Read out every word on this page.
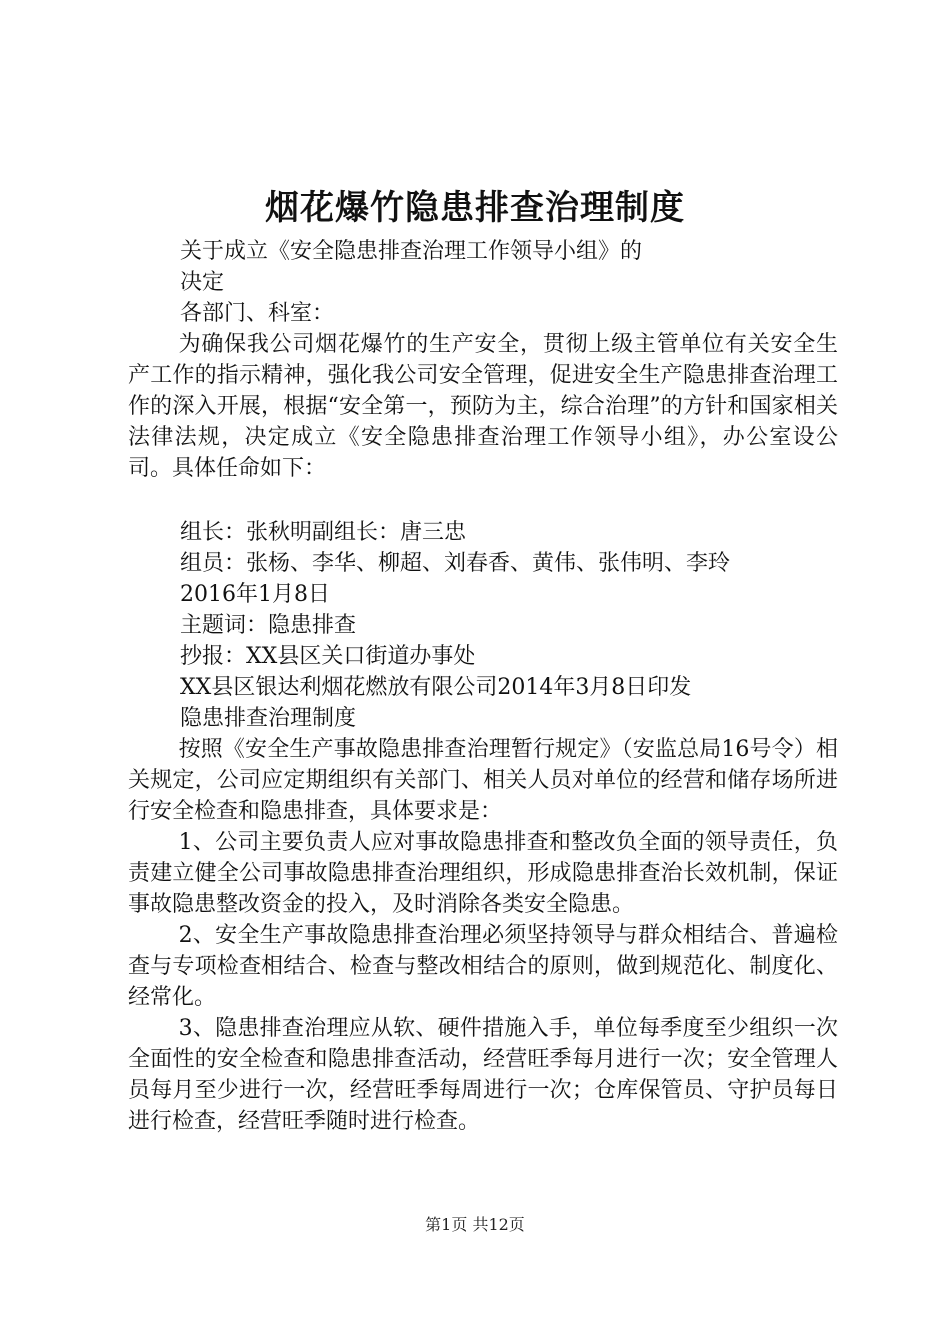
烟花爆竹隐患排查治理制度
关于成立《安全隐患排查治理工作领导小组》的
决定
各部门、科室：

为确保我公司烟花爆竹的生产安全，贯彻上级主管单位有关安全生产工作的指示精神，强化我公司安全管理，促进安全生产隐患排查治理工作的深入开展，根据“安全第一，预防为主，综合治理”的方针和国家相关法律法规，决定成立《安全隐患排查治理工作领导小组》，办公室设公司。具体任命如下：

组长：张秋明副组长：唐三忠
组员：张杨、李华、柳超、刘春香、黄伟、张伟明、李玲
2016年1月8日
主题词：隐患排查
抄报：XX县区关口街道办事处
XX县区银达利烟花燃放有限公司2014年3月8日印发
隐患排查治理制度

按照《安全生产事故隐患排查治理暂行规定》（安监总局16号令）相关规定，公司应定期组织有关部门、相关人员对单位的经营和储存场所进行安全检查和隐患排查，具体要求是：

1、公司主要负责人应对事故隐患排查和整改负全面的领导责任，负责建立健全公司事故隐患排查治理组织，形成隐患排查治长效机制，保证事故隐患整改资金的投入，及时消除各类安全隐患。

2、安全生产事故隐患排查治理必须坚持领导与群众相结合、普遍检查与专项检查相结合、检查与整改相结合的原则，做到规范化、制度化、经常化。

3、隐患排查治理应从软、硬件措施入手，单位每季度至少组织一次全面性的安全检查和隐患排查活动，经营旺季每月进行一次；安全管理人员每月至少进行一次，经营旺季每周进行一次；仓库保管员、守护员每日进行检查，经营旺季随时进行检查。

第1页 共12页
